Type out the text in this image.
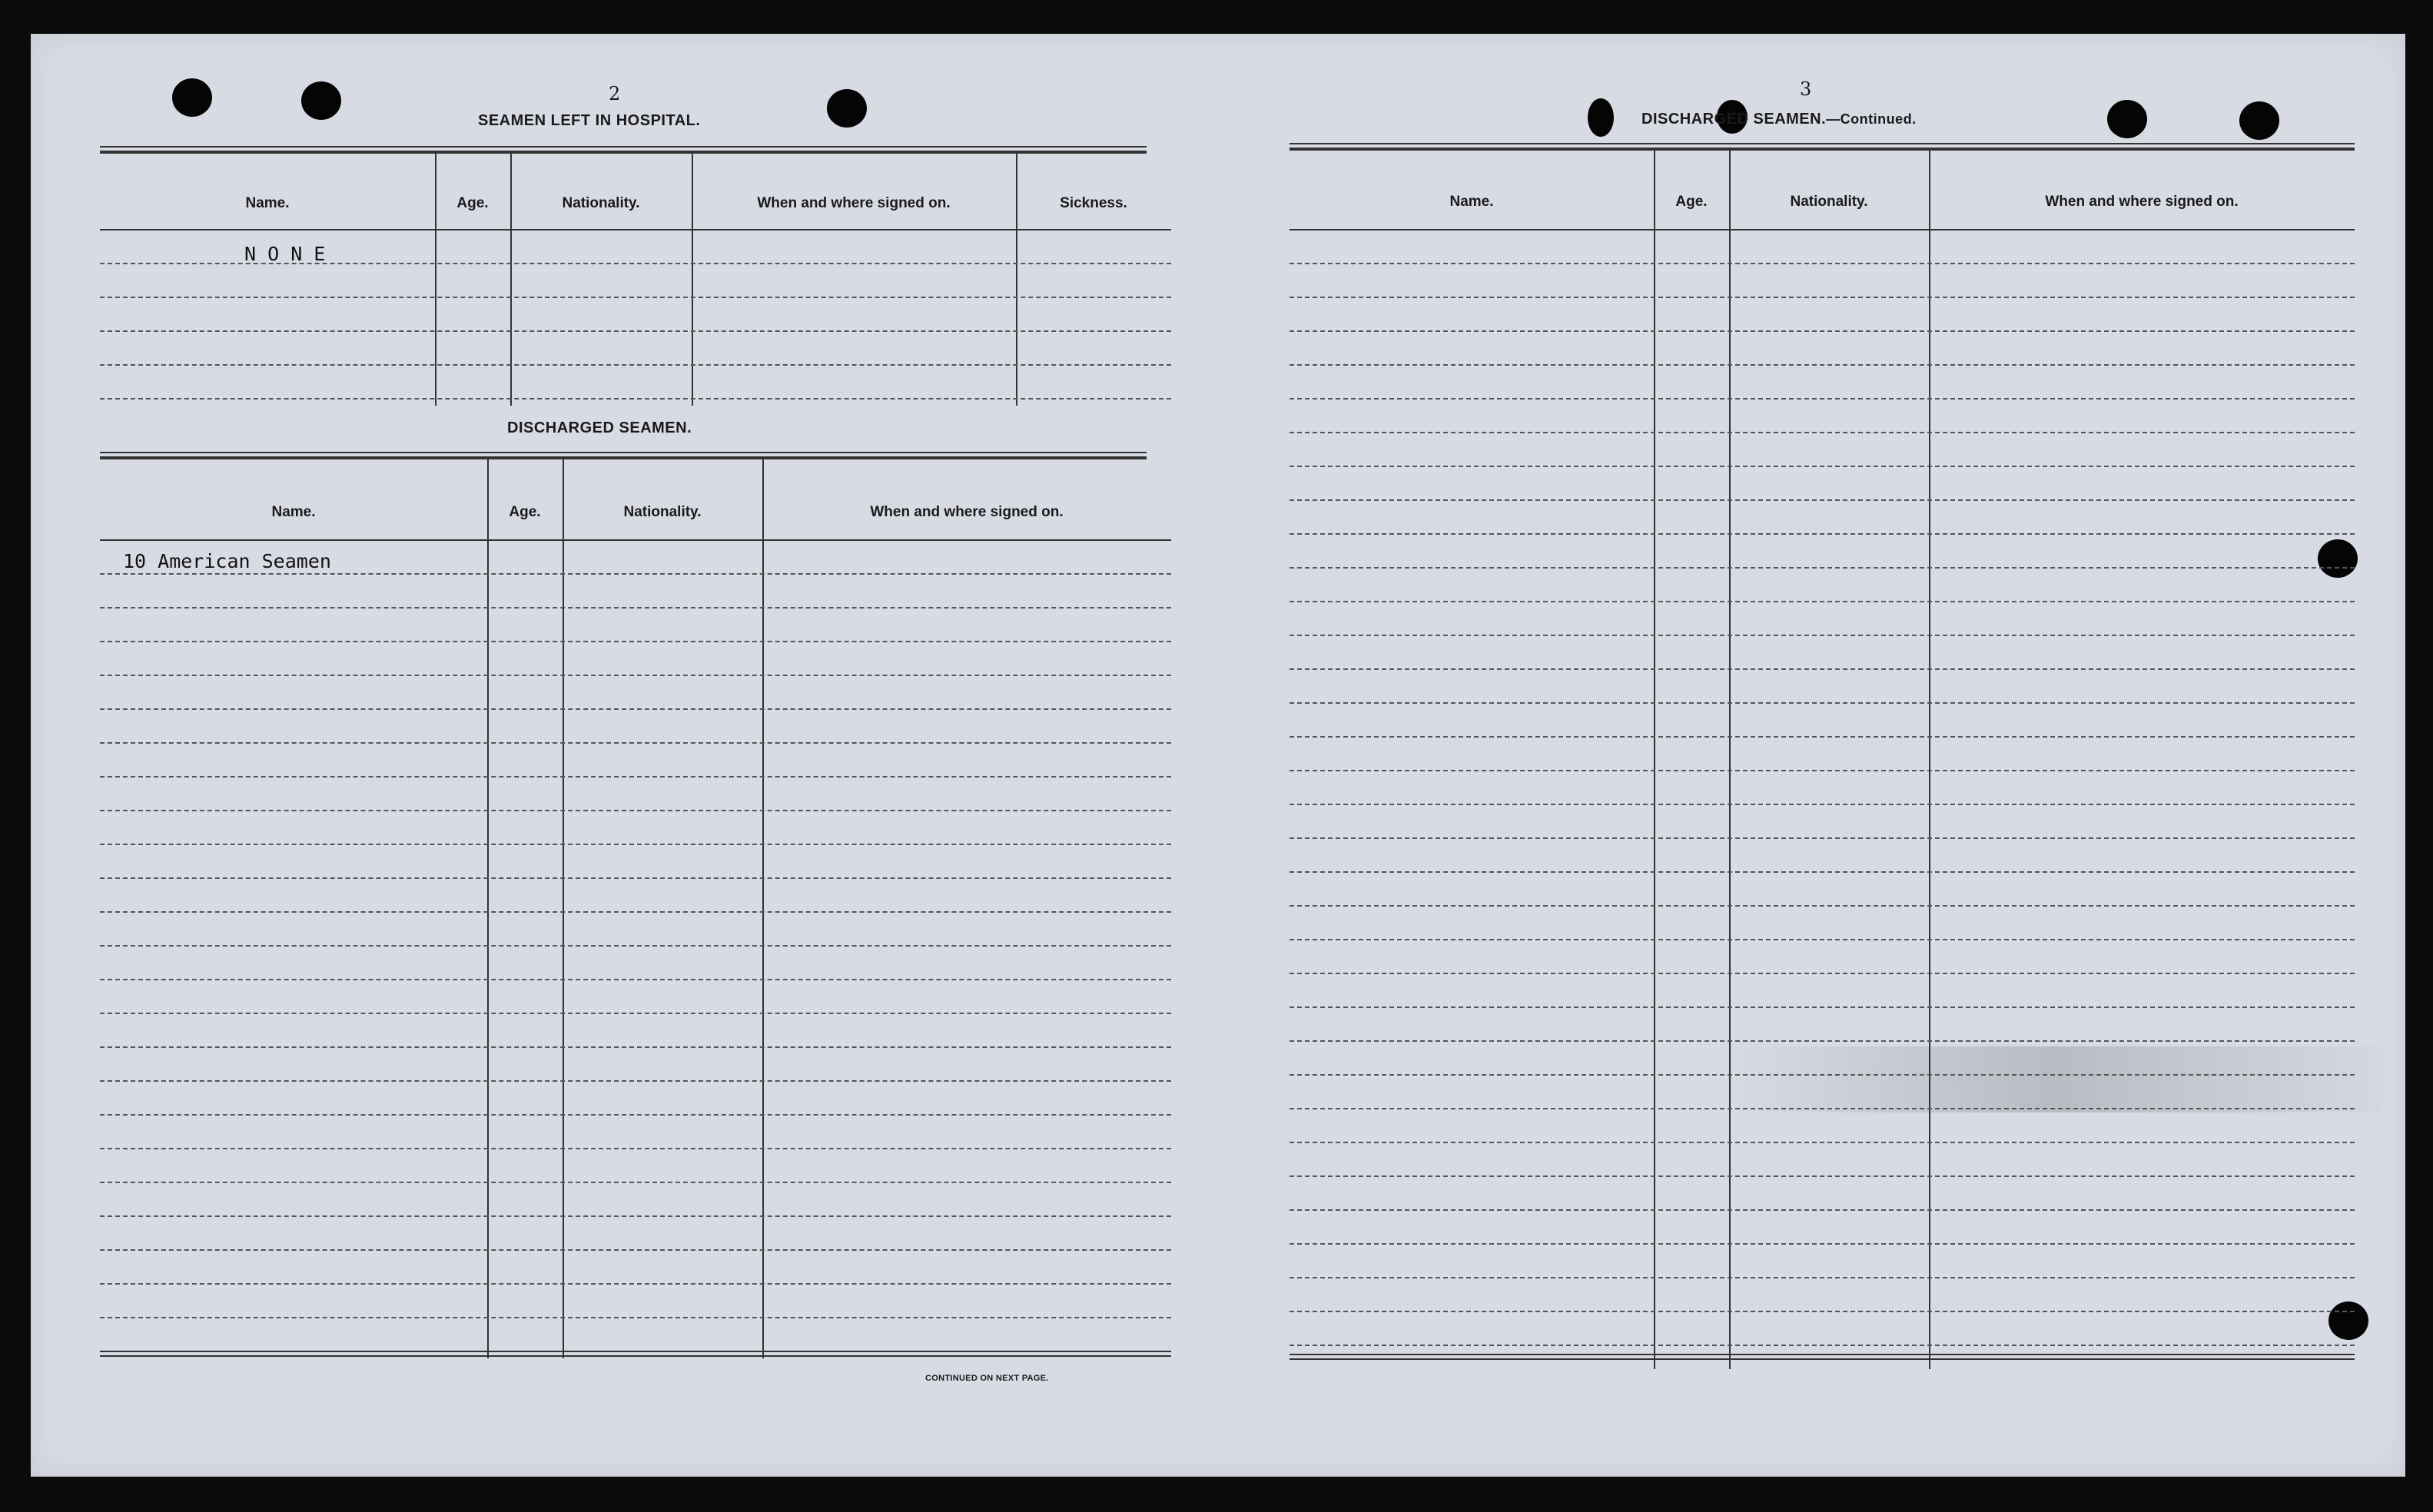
2
SEAMEN LEFT IN HOSPITAL.
Name.	Age.	Nationality.	When and where signed on.	Sickness.
N O N E
DISCHARGED SEAMEN.
Name.	Age.	Nationality.	When and where signed on.
10 American Seamen
CONTINUED ON NEXT PAGE.
3
DISCHARGED SEAMEN.—Continued.
Name.	Age.	Nationality.	When and where signed on.
